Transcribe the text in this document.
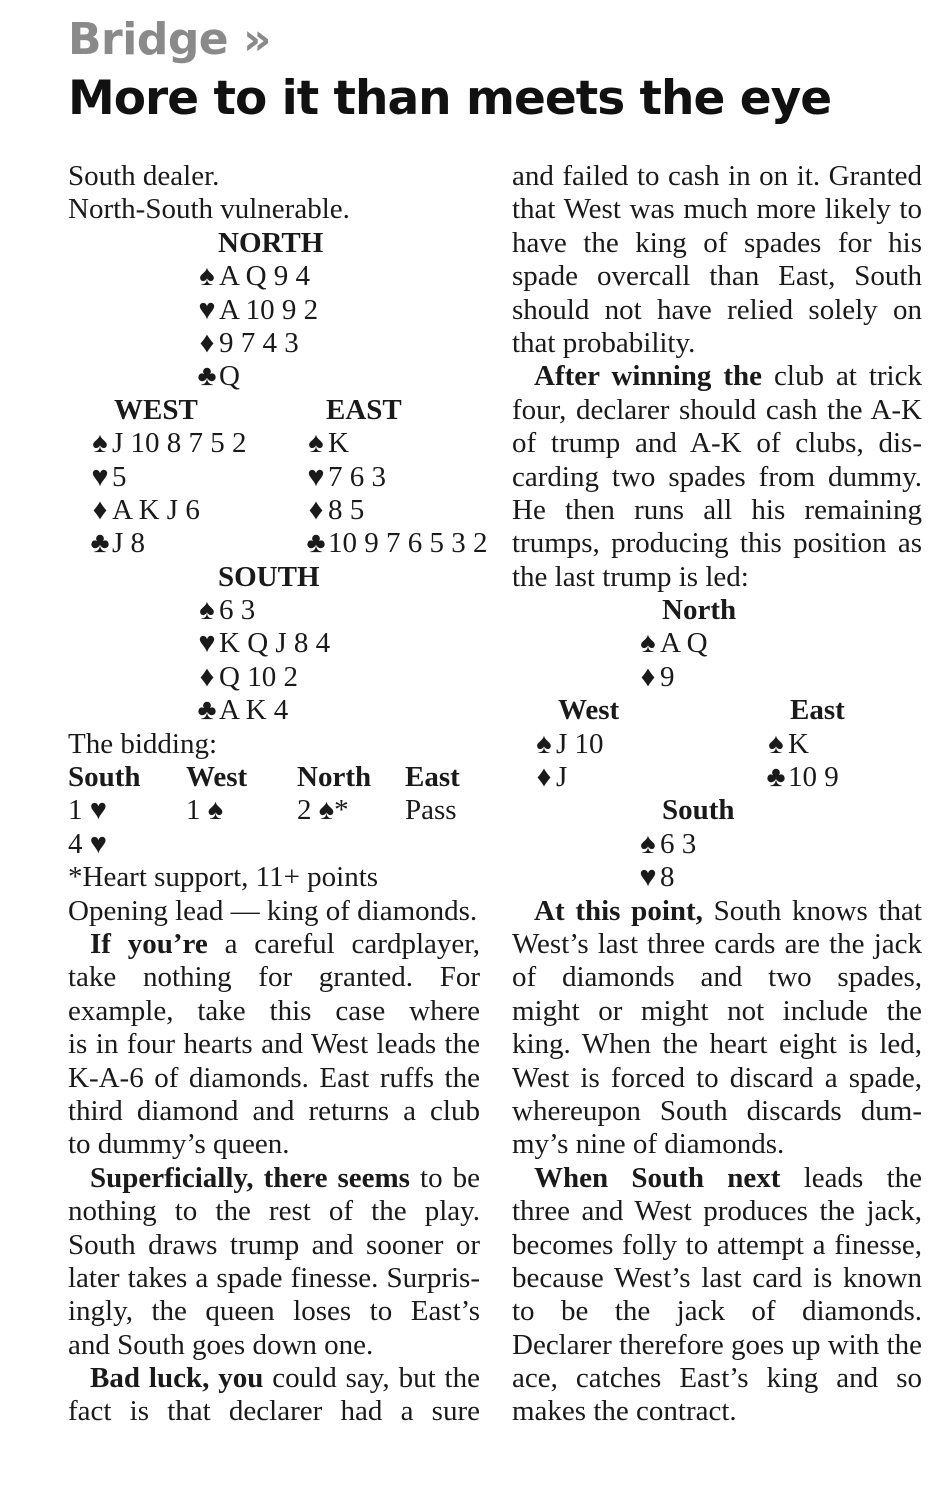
Bridge »
More to it than meets the eye
South dealer.
North-South vulnerable.
NORTH
♠ A Q 9 4
♥ A 10 9 2
♦ 9 7 4 3
♣Q
WEST	EAST
♠ J 10 8 7 5 2 ♠ K
♥ 5	♥ 7 6 3
♦ A K J 6	♦ 8 5
♣J 8	♣10 9 7 6 5 3 2
SOUTH
♠ 6 3
♥ K Q J 8 4
♦ Q 10 2
♣A K 4
The bidding:
South West North East
1 ♥	1 ♠	2 ♠* Pass
4 ♥
*Heart support, 11+ points
Opening lead — king of diamonds.
If you’re a careful cardplayer,
take nothing for granted. For
example, take this case where
is in four hearts and West leads the
K-A-6 of diamonds. East ruffs the
third diamond and returns a club
to dummy’s queen.
Superficially, there seems to be
nothing to the rest of the play.
South draws trump and sooner or
later takes a spade finesse. Surpris-
ingly, the queen loses to East’s
and South goes down one.
Bad luck, you could say, but the
fact is that declarer had a sure
and failed to cash in on it. Granted
that West was much more likely to
have the king of spades for his
spade overcall than East, South
should not have relied solely on
that probability.
After winning the club at trick
four, declarer should cash the A-K
of trump and A-K of clubs, dis-
carding two spades from dummy.
He then runs all his remaining
trumps, producing this position as
the last trump is led:
North
♠ A Q
♦ 9
West	East
♠ J 10	♠ K
♦ J	♣10 9
South
♠ 6 3
♥ 8
At this point, South knows that
West’s last three cards are the jack
of diamonds and two spades,
might or might not include the
king. When the heart eight is led,
West is forced to discard a spade,
whereupon South discards dum-
my’s nine of diamonds.
When South next leads the
three and West produces the jack,
becomes folly to attempt a finesse,
because West’s last card is known
to be the jack of diamonds.
Declarer therefore goes up with the
ace, catches East’s king and so
makes the contract.
